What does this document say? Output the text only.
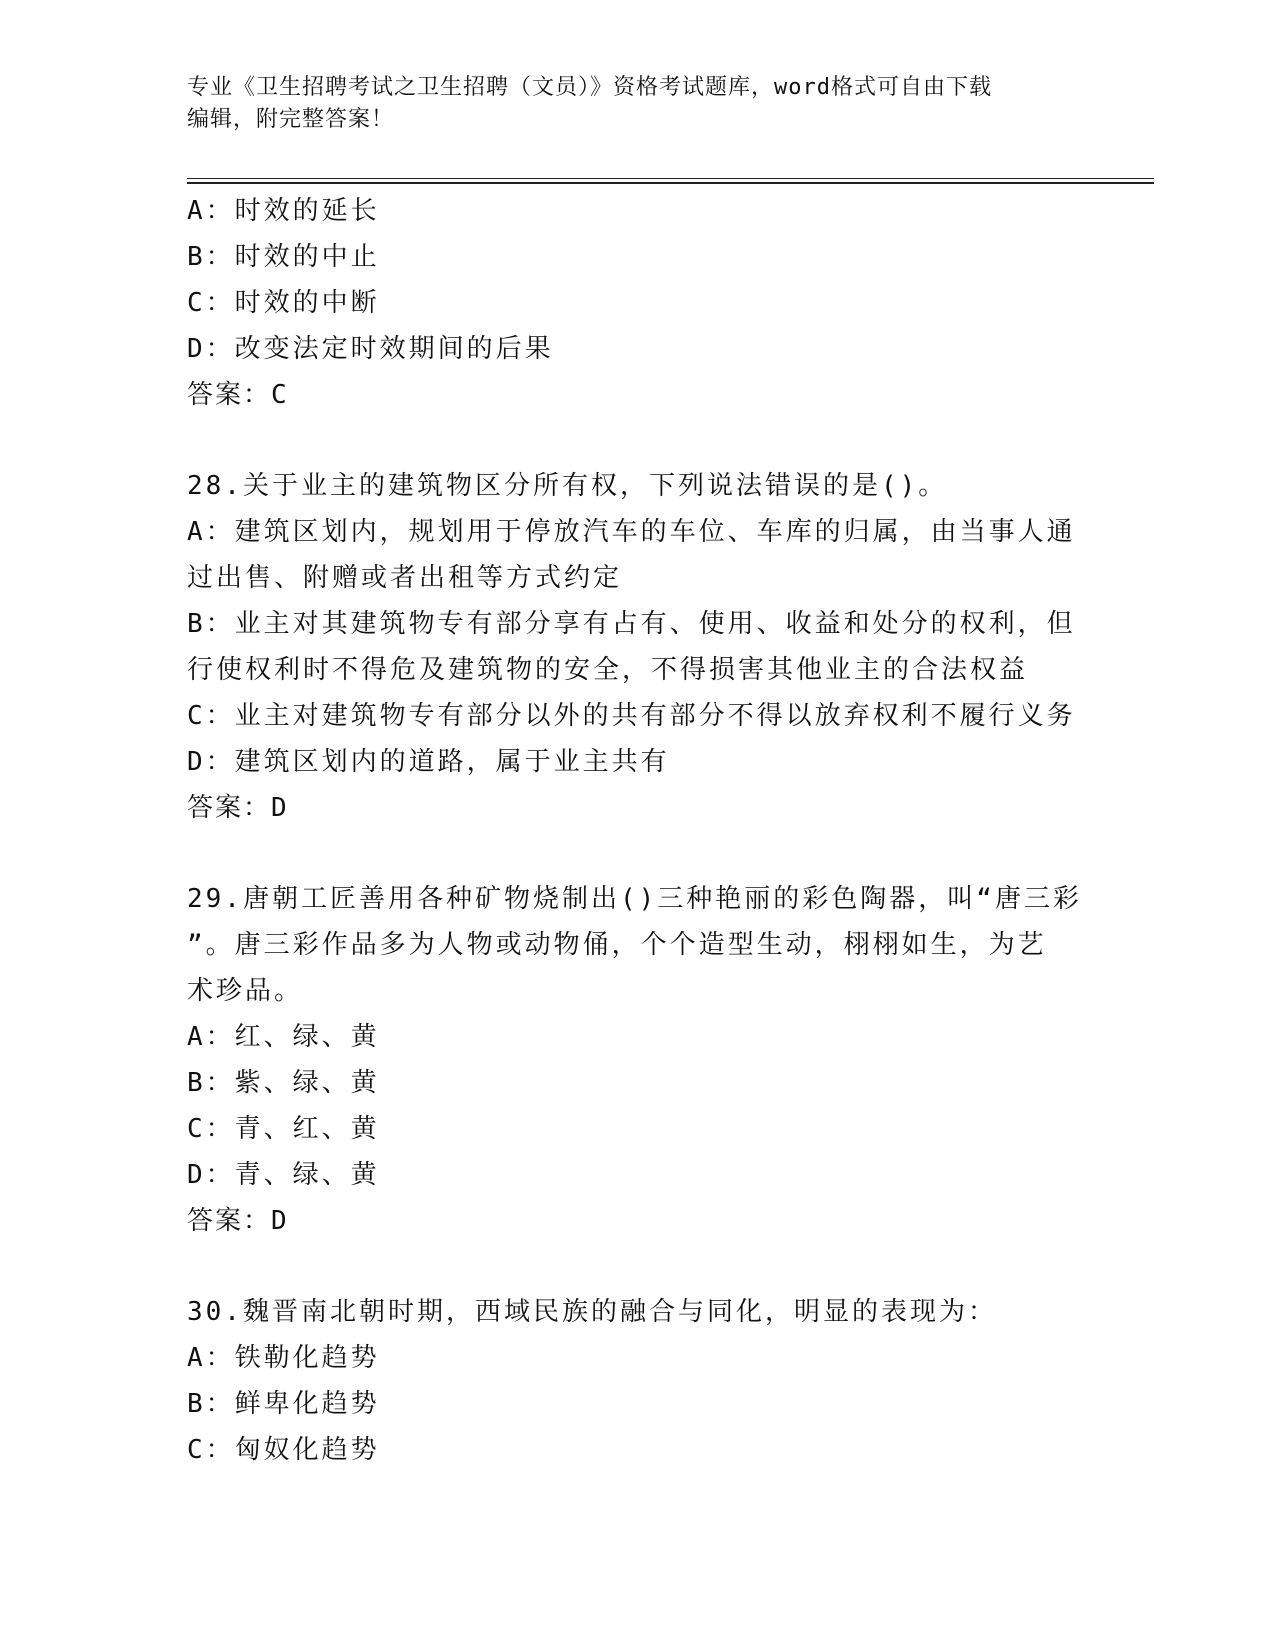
专业《卫生招聘考试之卫生招聘（文员）》资格考试题库，word格式可自由下载
编辑，附完整答案！
A：时效的延长
B：时效的中止
C：时效的中断
D：改变法定时效期间的后果
答案：C
28.关于业主的建筑物区分所有权，下列说法错误的是()。
A：建筑区划内，规划用于停放汽车的车位、车库的归属，由当事人通
过出售、附赠或者出租等方式约定
B：业主对其建筑物专有部分享有占有、使用、收益和处分的权利，但
行使权利时不得危及建筑物的安全，不得损害其他业主的合法权益
C：业主对建筑物专有部分以外的共有部分不得以放弃权利不履行义务
D：建筑区划内的道路，属于业主共有
答案：D
29.唐朝工匠善用各种矿物烧制出()三种艳丽的彩色陶器，叫“唐三彩
”。唐三彩作品多为人物或动物俑，个个造型生动，栩栩如生，为艺
术珍品。
A：红、绿、黄
B：紫、绿、黄
C：青、红、黄
D：青、绿、黄
答案：D
30.魏晋南北朝时期，西域民族的融合与同化，明显的表现为：
A：铁勒化趋势
B：鲜卑化趋势
C：匈奴化趋势
